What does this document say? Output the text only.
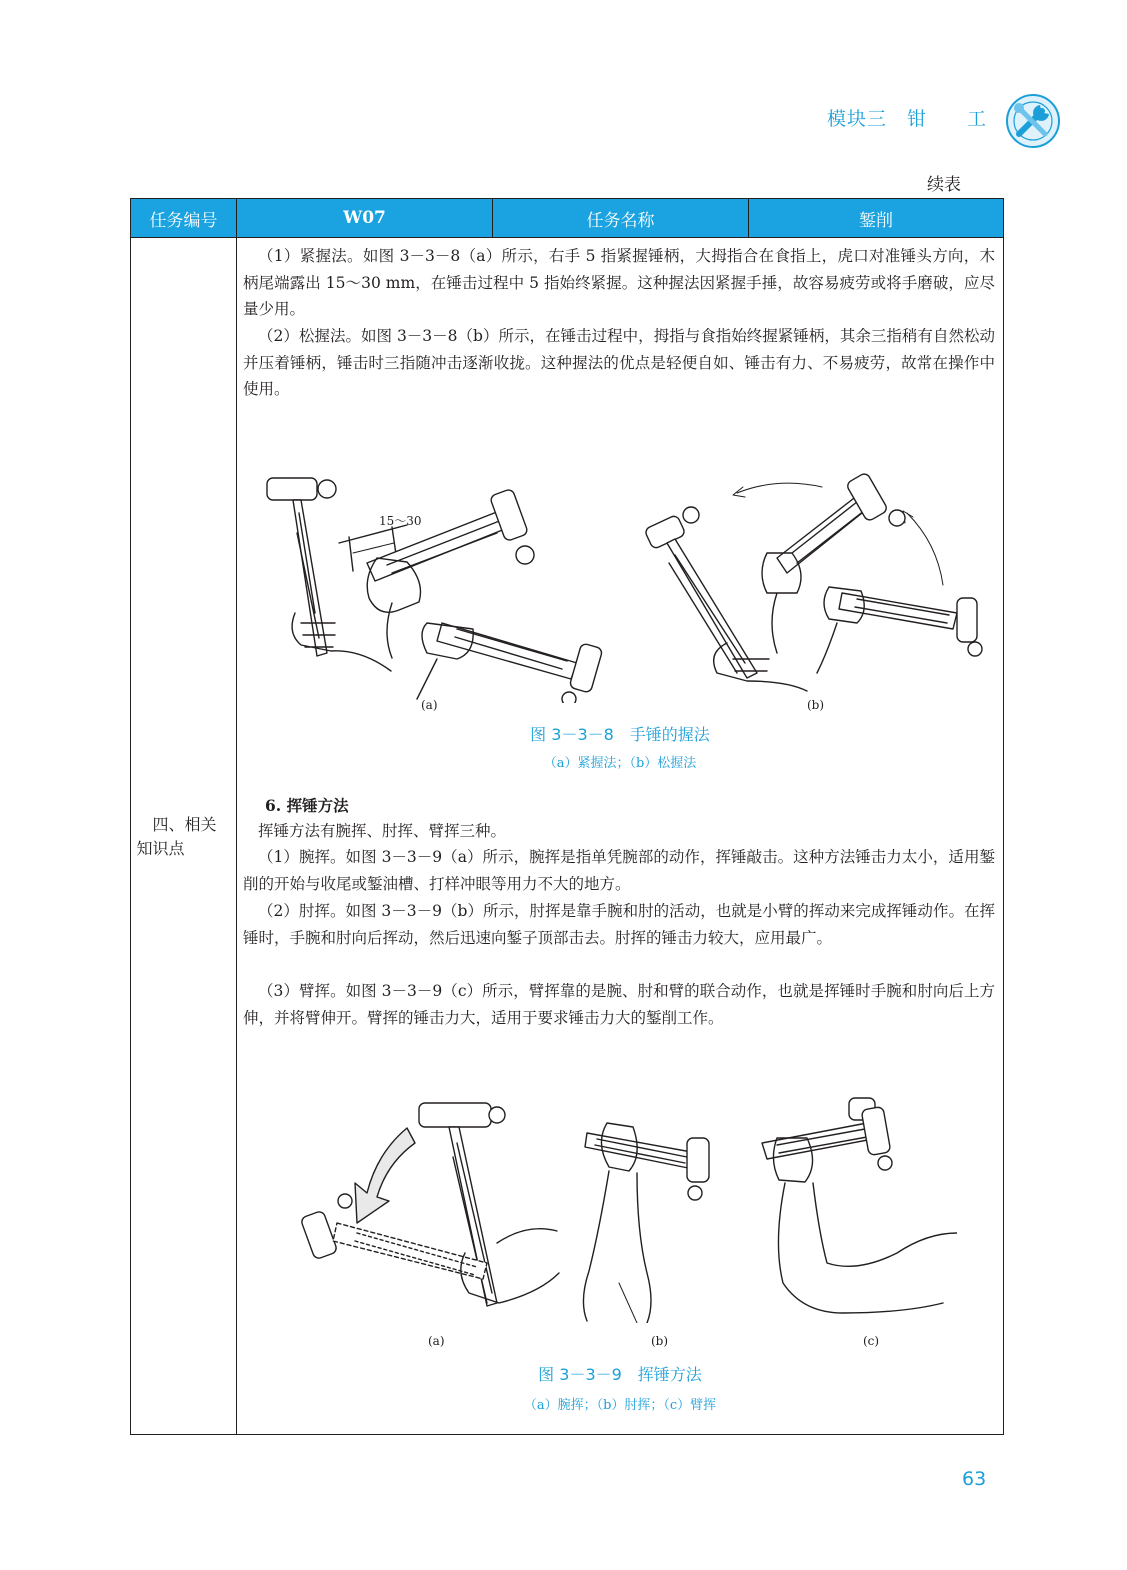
模块三　钳　　工
续表
任务编号	W07	任务名称	錾削
四、相关知识点
（1）紧握法。如图 3－3－8（a）所示，右手 5 指紧握锤柄，大拇指合在食指上，虎口对准锤头方向，木柄尾端露出 15～30 mm，在锤击过程中 5 指始终紧握。这种握法因紧握手捶，故容易疲劳或将手磨破，应尽量少用。
（2）松握法。如图 3－3－8（b）所示，在锤击过程中，拇指与食指始终握紧锤柄，其余三指稍有自然松动并压着锤柄，锤击时三指随冲击逐渐收拢。这种握法的优点是轻便自如、锤击有力、不易疲劳，故常在操作中使用。
15～30
(a)	(b)
图 3－3－8　手锤的握法
（a）紧握法；（b）松握法
6. 挥锤方法
挥锤方法有腕挥、肘挥、臂挥三种。
（1）腕挥。如图 3－3－9（a）所示，腕挥是指单凭腕部的动作，挥锤敲击。这种方法锤击力太小，适用錾削的开始与收尾或錾油槽、打样冲眼等用力不大的地方。
（2）肘挥。如图 3－3－9（b）所示，肘挥是靠手腕和肘的活动，也就是小臂的挥动来完成挥锤动作。在挥锤时，手腕和肘向后挥动，然后迅速向錾子顶部击去。肘挥的锤击力较大，应用最广。
（3）臂挥。如图 3－3－9（c）所示，臂挥靠的是腕、肘和臂的联合动作，也就是挥锤时手腕和肘向后上方伸，并将臂伸开。臂挥的锤击力大，适用于要求锤击力大的錾削工作。
(a)	(b)	(c)
图 3－3－9　挥锤方法
（a）腕挥；（b）肘挥；（c）臂挥
63
